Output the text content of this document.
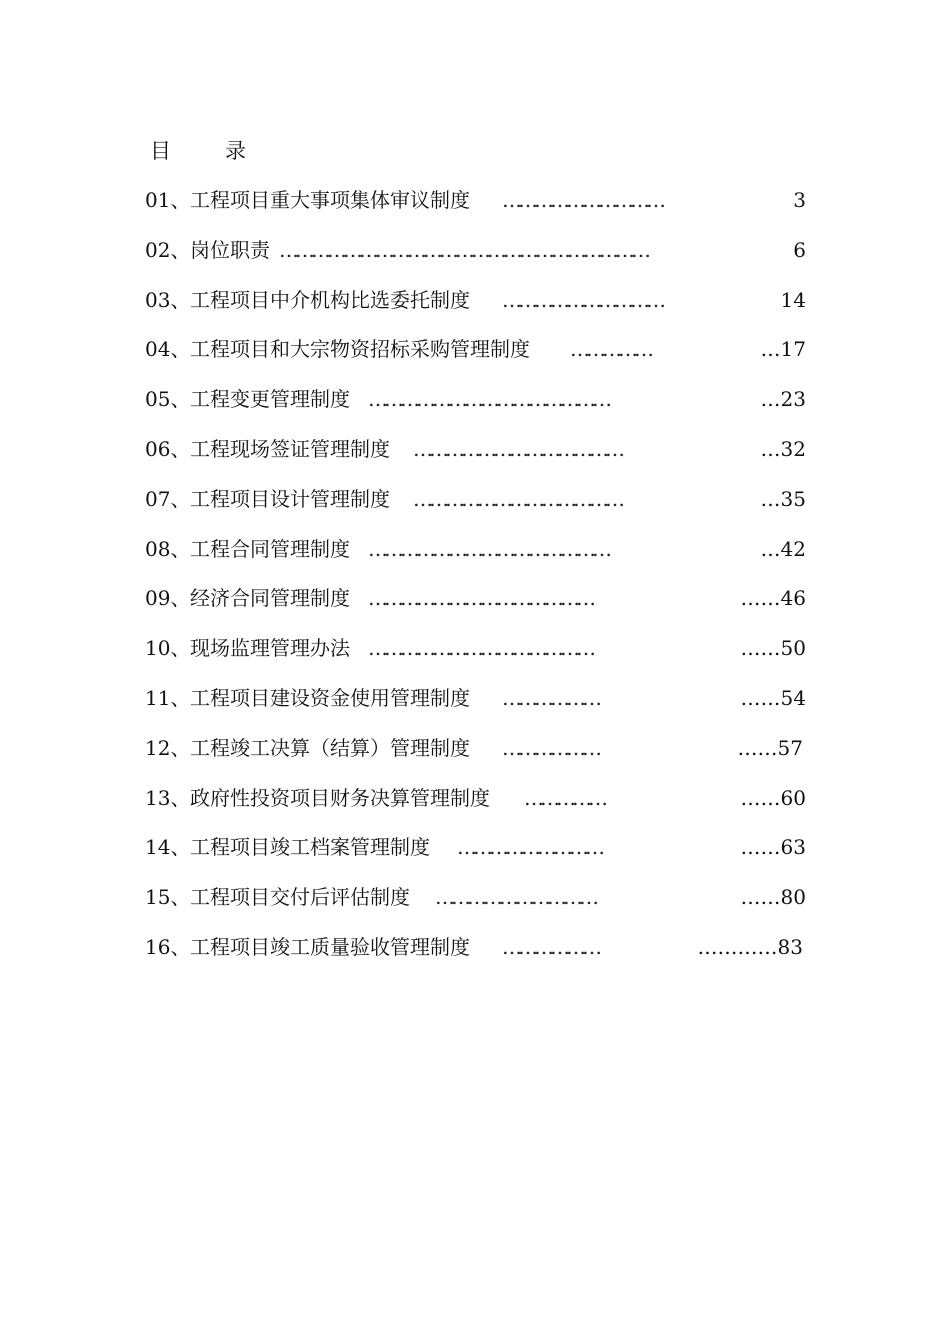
目	录
01、 工程项目重大事项集体审议制度 …………………………	3
02、 岗位职责 ……………………………………………………………	6
03、 工程项目中介机构比选委托制度 …………………………	14
04、 工程项目和大宗物资招标采购管理制度 ……………	…17
05、 工程变更管理制度 ………………………………………	…23
06、 工程现场签证管理制度 …………………………………	…32
07、 工程项目设计管理制度 …………………………………	…35
08、 工程合同管理制度 ………………………………………	…42
09、 经济合同管理制度 ……………………………………	……46
10、 现场监理管理办法 ……………………………………	……50
11、 工程项目建设资金使用管理制度 ………………	……54
12、 工程竣工决算（结算）管理制度 ………………	……57
13、 政府性投资项目财务决算管理制度 ……………	……60
14、 工程项目竣工档案管理制度 ………………………	……63
15、 工程项目交付后评估制度 …………………………	……80
16、 工程项目竣工质量验收管理制度 ………………	…………83
